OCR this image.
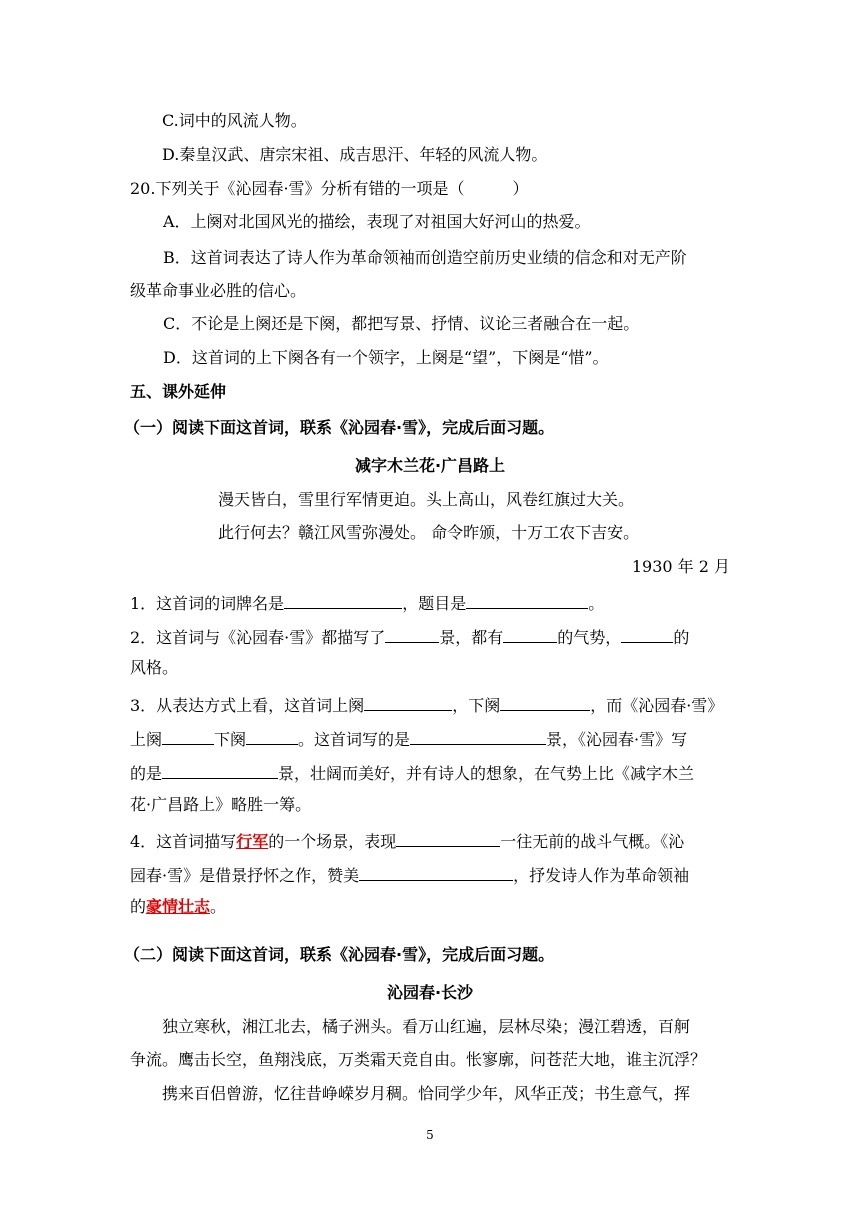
C.词中的风流人物。
D.秦皇汉武、唐宗宋祖、成吉思汗、年轻的风流人物。
20.下列关于《沁园春·雪》分析有错的一项是（　　　）
A．上阕对北国风光的描绘，表现了对祖国大好河山的热爱。
B．这首词表达了诗人作为革命领袖而创造空前历史业绩的信念和对无产阶
级革命事业必胜的信心。
C．不论是上阕还是下阕，都把写景、抒情、议论三者融合在一起。
D．这首词的上下阕各有一个领字，上阕是“望”，下阕是“惜”。
五、课外延伸
（一）阅读下面这首词，联系《沁园春·雪》，完成后面习题。
减字木兰花·广昌路上
漫天皆白，雪里行军情更迫。头上高山，风卷红旗过大关。
此行何去？赣江风雪弥漫处。 命令昨颁，十万工农下吉安。
1930 年 2 月
1．这首词的词牌名是	，题目是	。
2．这首词与《沁园春·雪》都描写了	景，都有	的气势，	的
风格。
3．从表达方式上看，这首词上阕	，下阕	，而《沁园春·雪》
上阕	下阕	。这首词写的是	景，《沁园春·雪》写
的是	景，壮阔而美好，并有诗人的想象，在气势上比《减字木兰
花·广昌路上》略胜一筹。
4．这首词描写行军的一个场景，表现	一往无前的战斗气概。《沁
园春·雪》是借景抒怀之作，赞美	，抒发诗人作为革命领袖
的豪情壮志。
（二）阅读下面这首词，联系《沁园春·雪》，完成后面习题。
沁园春·长沙
独立寒秋，湘江北去，橘子洲头。看万山红遍，层林尽染；漫江碧透，百舸
争流。鹰击长空，鱼翔浅底，万类霜天竞自由。怅寥廓，问苍茫大地，谁主沉浮？
携来百侣曾游，忆往昔峥嵘岁月稠。恰同学少年，风华正茂；书生意气，挥
5
